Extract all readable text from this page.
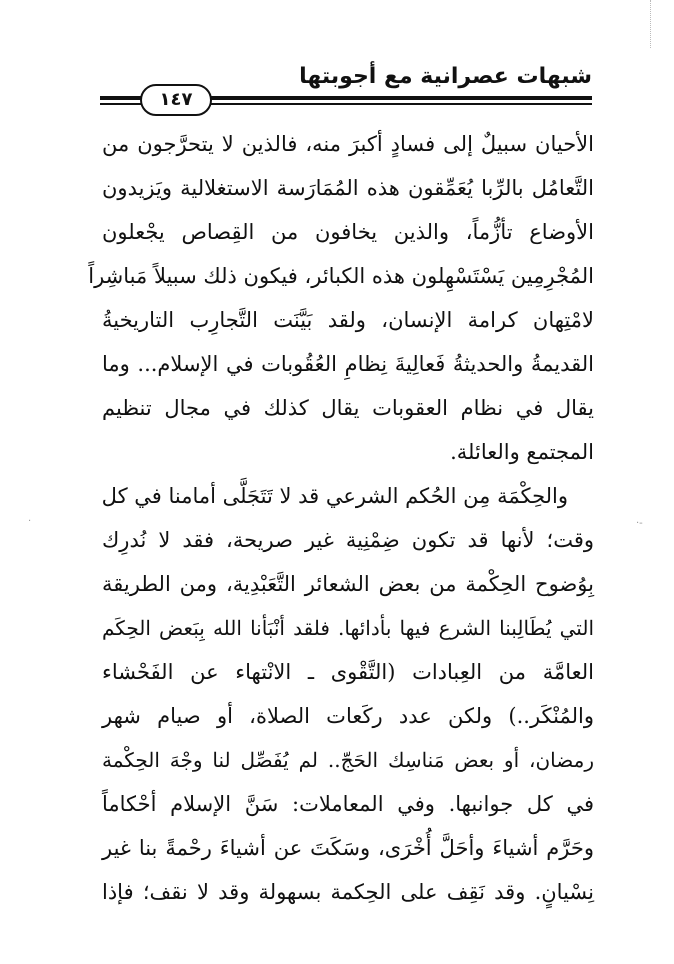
شبهات عصرانية مع أجوبتها
١٤٧
الأحيان سبيلٌ إلى فسادٍ أكبرَ منه، فالذين لا يتحرَّجون من
التَّعامُل بالرِّبا يُعَمِّقون هذه المُمَارَسة الاستغلالية ويَزيدون
الأوضاع تأزُّماً، والذين يخافون من القِصاص يجْعلون
المُجْرِمِين يَسْتَسْهِلون هذه الكبائر، فيكون ذلك سبيلاً مَباشِراً
لامْتِهان كرامة الإنسان، ولقد بَيَّنَت التَّجارِب التاريخيةُ
القديمةُ والحديثةُ فَعالِيةَ نِظامِ العُقُوبات في الإسلام... وما
يقال في نظام العقوبات يقال كذلك في مجال تنظيم
المجتمع والعائلة.
والحِكْمَة مِن الحُكم الشرعي قد لا تَتَجَلَّى أمامنا في كل
وقت؛ لأنها قد تكون ضِمْنِية غير صريحة، فقد لا نُدرِك
بِوُضوح الحِكْمة من بعض الشعائر التَّعَبْدِية، ومن الطريقة
التي يُطَالِبنا الشرع فيها بأدائها. فلقد أنْبَأنا الله بِبَعض الحِكَم
العامَّة من العِبادات (التَّقْوى ـ الانْتهاء عن الفَحْشاء
والمُنْكَر..) ولكن عدد ركَعات الصلاة، أو صيام شهر
رمضان، أو بعض مَناسِك الحَجّ.. لم يُفَصِّل لنا وجْهَ الحِكْمة
في كل جوانبها. وفي المعاملات: سَنَّ الإسلام أحْكاماً
وحَرَّم أشياءَ وأحَلَّ أُخْرَى، وسَكَتَ عن أشياءَ رحْمةً بنا غير
نِسْيانٍ. وقد نَقِف على الحِكمة بسهولة وقد لا نقف؛ فإذا
·-
·
